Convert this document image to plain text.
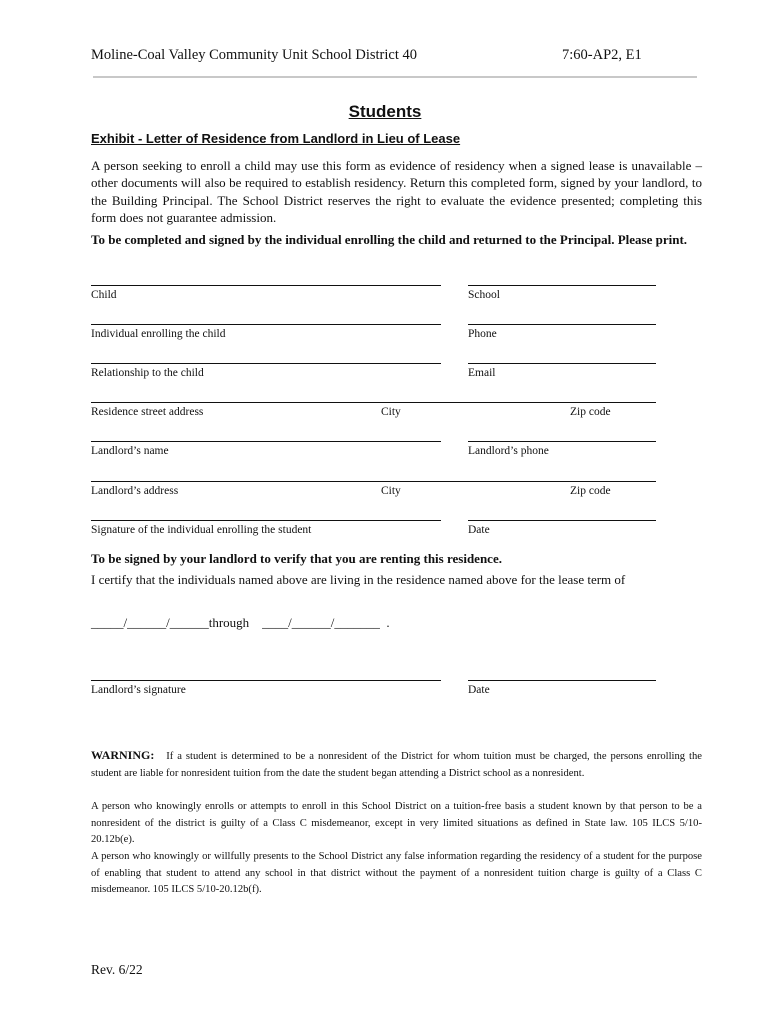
Moline-Coal Valley Community Unit School District 40	7:60-AP2, E1
Students
Exhibit - Letter of Residence from Landlord in Lieu of Lease
A person seeking to enroll a child may use this form as evidence of residency when a signed lease is unavailable – other documents will also be required to establish residency. Return this completed form, signed by your landlord, to the Building Principal. The School District reserves the right to evaluate the evidence presented; completing this form does not guarantee admission.
To be completed and signed by the individual enrolling the child and returned to the Principal. Please print.
Child	School
Individual enrolling the child	Phone
Relationship to the child	Email
Residence street address	City	Zip code
Landlord’s name	Landlord’s phone
Landlord’s address	City	Zip code
Signature of the individual enrolling the student	Date
To be signed by your landlord to verify that you are renting this residence.
I certify that the individuals named above are living in the residence named above for the lease term of
_____/______/______through    ____/______/_______  .
Landlord’s signature	Date
WARNING: If a student is determined to be a nonresident of the District for whom tuition must be charged, the persons enrolling the student are liable for nonresident tuition from the date the student began attending a District school as a nonresident.
A person who knowingly enrolls or attempts to enroll in this School District on a tuition-free basis a student known by that person to be a nonresident of the district is guilty of a Class C misdemeanor, except in very limited situations as defined in State law. 105 ILCS 5/10-20.12b(e).
A person who knowingly or willfully presents to the School District any false information regarding the residency of a student for the purpose of enabling that student to attend any school in that district without the payment of a nonresident tuition charge is guilty of a Class C misdemeanor. 105 ILCS 5/10-20.12b(f).
Rev. 6/22
